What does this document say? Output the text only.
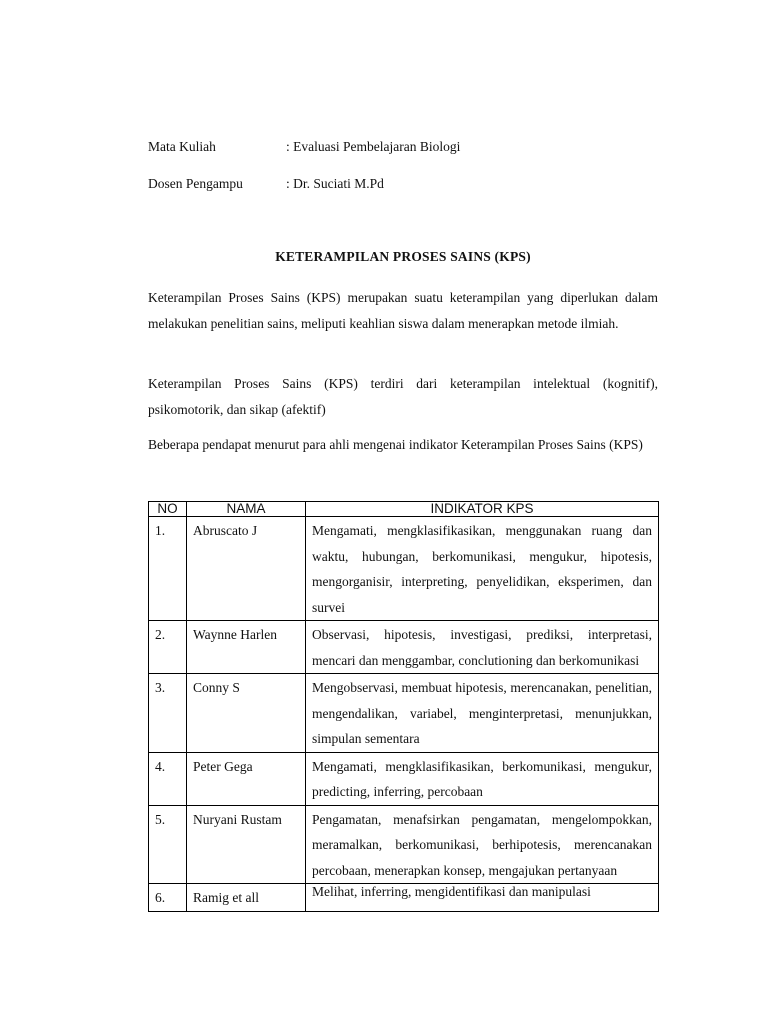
Mata Kuliah	: Evaluasi Pembelajaran Biologi
Dosen Pengampu	: Dr. Suciati M.Pd
KETERAMPILAN PROSES SAINS (KPS)
Keterampilan Proses Sains (KPS) merupakan suatu keterampilan yang diperlukan dalam melakukan penelitian sains, meliputi keahlian siswa dalam menerapkan metode ilmiah.
Keterampilan Proses Sains (KPS) terdiri dari keterampilan intelektual (kognitif), psikomotorik, dan sikap (afektif)
Beberapa pendapat menurut para ahli mengenai indikator Keterampilan Proses Sains (KPS)
NO	NAMA	INDIKATOR KPS
1.	Abruscato J	Mengamati, mengklasifikasikan, menggunakan ruang dan waktu, hubungan, berkomunikasi, mengukur, hipotesis, mengorganisir, interpreting, penyelidikan, eksperimen, dan survei
2.	Waynne Harlen	Observasi, hipotesis, investigasi, prediksi, interpretasi, mencari dan menggambar, conclutioning dan berkomunikasi
3.	Conny S	Mengobservasi, membuat hipotesis, merencanakan, penelitian, mengendalikan, variabel, menginterpretasi, menunjukkan, simpulan sementara
4.	Peter Gega	Mengamati, mengklasifikasikan, berkomunikasi, mengukur, predicting, inferring, percobaan
5.	Nuryani Rustam	Pengamatan, menafsirkan pengamatan, mengelompokkan, meramalkan, berkomunikasi, berhipotesis, merencanakan percobaan, menerapkan konsep, mengajukan pertanyaan
6.	Ramig et all	Melihat, inferring, mengidentifikasi dan manipulasi
